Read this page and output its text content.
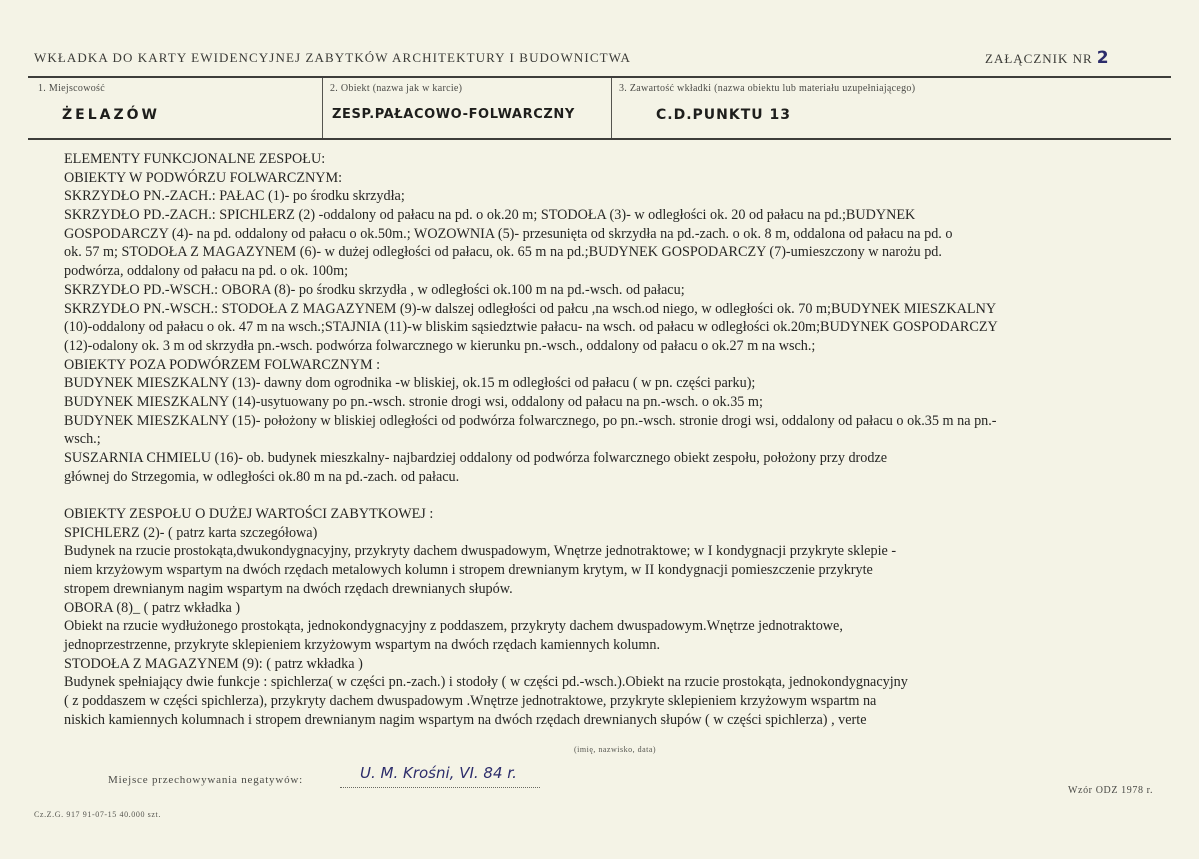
WKŁADKA DO KARTY EWIDENCYJNEJ ZABYTKÓW ARCHITEKTURY I BUDOWNICTWA	ZAŁĄCZNIK NR 2
1. Miejscowość
ŻELAZÓW
2. Obiekt (nazwa jak w karcie)
ZESP.PAŁACOWO-FOLWARCZNY
3. Zawartość wkładki (nazwa obiektu lub materiału uzupełniającego)
C.D.PUNKTU 13
ELEMENTY FUNKCJONALNE ZESPOŁU:
OBIEKTY W PODWÓRZU FOLWARCZNYM:
SKRZYDŁO PN.-ZACH.: PAŁAC (1)- po środku skrzydła;
SKRZYDŁO PD.-ZACH.: SPICHLERZ (2) -oddalony od pałacu na pd. o ok.20 m; STODOŁA (3)- w odległości ok. 20 od pałacu na pd.;BUDYNEK
GOSPODARCZY (4)- na pd. oddalony od pałacu o ok.50m.; WOZOWNIA (5)- przesunięta od skrzydła na pd.-zach. o ok. 8 m, oddalona od pałacu na pd. o
ok. 57 m; STODOŁA Z MAGAZYNEM (6)- w dużej odległości od pałacu, ok. 65 m na pd.;BUDYNEK GOSPODARCZY (7)-umieszczony w narożu pd.
podwórza, oddalony od pałacu na pd. o ok. 100m;
SKRZYDŁO PD.-WSCH.: OBORA (8)- po środku skrzydła , w odległości ok.100 m na pd.-wsch. od pałacu;
SKRZYDŁO PN.-WSCH.: STODOŁA Z MAGAZYNEM (9)-w dalszej odległości od pałcu ,na wsch.od niego, w odległości ok. 70 m;BUDYNEK MIESZKALNY
(10)-oddalony od pałacu o ok. 47 m na wsch.;STAJNIA (11)-w bliskim sąsiedztwie pałacu- na wsch. od pałacu w odległości ok.20m;BUDYNEK GOSPODARCZY
(12)-odalony ok. 3 m od skrzydła pn.-wsch. podwórza folwarcznego w kierunku pn.-wsch., oddalony od pałacu o ok.27 m na wsch.;
OBIEKTY POZA PODWÓRZEM FOLWARCZNYM :
BUDYNEK MIESZKALNY (13)- dawny dom ogrodnika -w bliskiej, ok.15 m odległości od pałacu ( w pn. części parku);
BUDYNEK MIESZKALNY (14)-usytuowany po pn.-wsch. stronie drogi wsi, oddalony od pałacu na pn.-wsch. o ok.35 m;
BUDYNEK MIESZKALNY (15)- położony w bliskiej odległości od podwórza folwarcznego, po pn.-wsch. stronie drogi wsi, oddalony od pałacu o ok.35 m na pn.-
wsch.;
SUSZARNIA CHMIELU (16)- ob. budynek mieszkalny- najbardziej oddalony od podwórza folwarcznego obiekt zespołu, położony przy drodze
głównej do Strzegomia, w odległości ok.80 m na pd.-zach. od pałacu.
OBIEKTY ZESPOŁU O DUŻEJ WARTOŚCI ZABYTKOWEJ :
SPICHLERZ (2)- ( patrz karta szczegółowa)
Budynek na rzucie prostokąta,dwukondygnacyjny, przykryty dachem dwuspadowym, Wnętrze jednotraktowe; w I kondygnacji przykryte sklepie -
niem krzyżowym wspartym na dwóch rzędach metalowych kolumn i stropem drewnianym krytym, w II kondygnacji pomieszczenie przykryte
stropem drewnianym nagim wspartym na dwóch rzędach drewnianych słupów.
OBORA (8)_ ( patrz wkładka )
Obiekt na rzucie wydłużonego prostokąta, jednokondygnacyjny z poddaszem, przykryty dachem dwuspadowym.Wnętrze jednotraktowe,
jednoprzestrzenne, przykryte sklepieniem krzyżowym wspartym na dwóch rzędach kamiennych kolumn.
STODOŁA Z MAGAZYNEM (9): ( patrz wkładka )
Budynek spełniający dwie funkcje : spichlerza( w części pn.-zach.) i stodoły ( w części pd.-wsch.).Obiekt na rzucie prostokąta, jednokondygnacyjny
( z poddaszem w części spichlerza), przykryty dachem dwuspadowym .Wnętrze jednotraktowe, przykryte sklepieniem krzyżowym wspartm na
niskich kamiennych kolumnach i stropem drewnianym nagim wspartym na dwóch rzędach drewnianych słupów ( w części spichlerza) , verte
(imię, nazwisko, data)
Miejsce przechowywania negatywów:	U. M. Krośni, VI. 84 r.
Cz.Z.G. 917 91-07-15 40.000 szt.
Wzór ODZ 1978 r.
